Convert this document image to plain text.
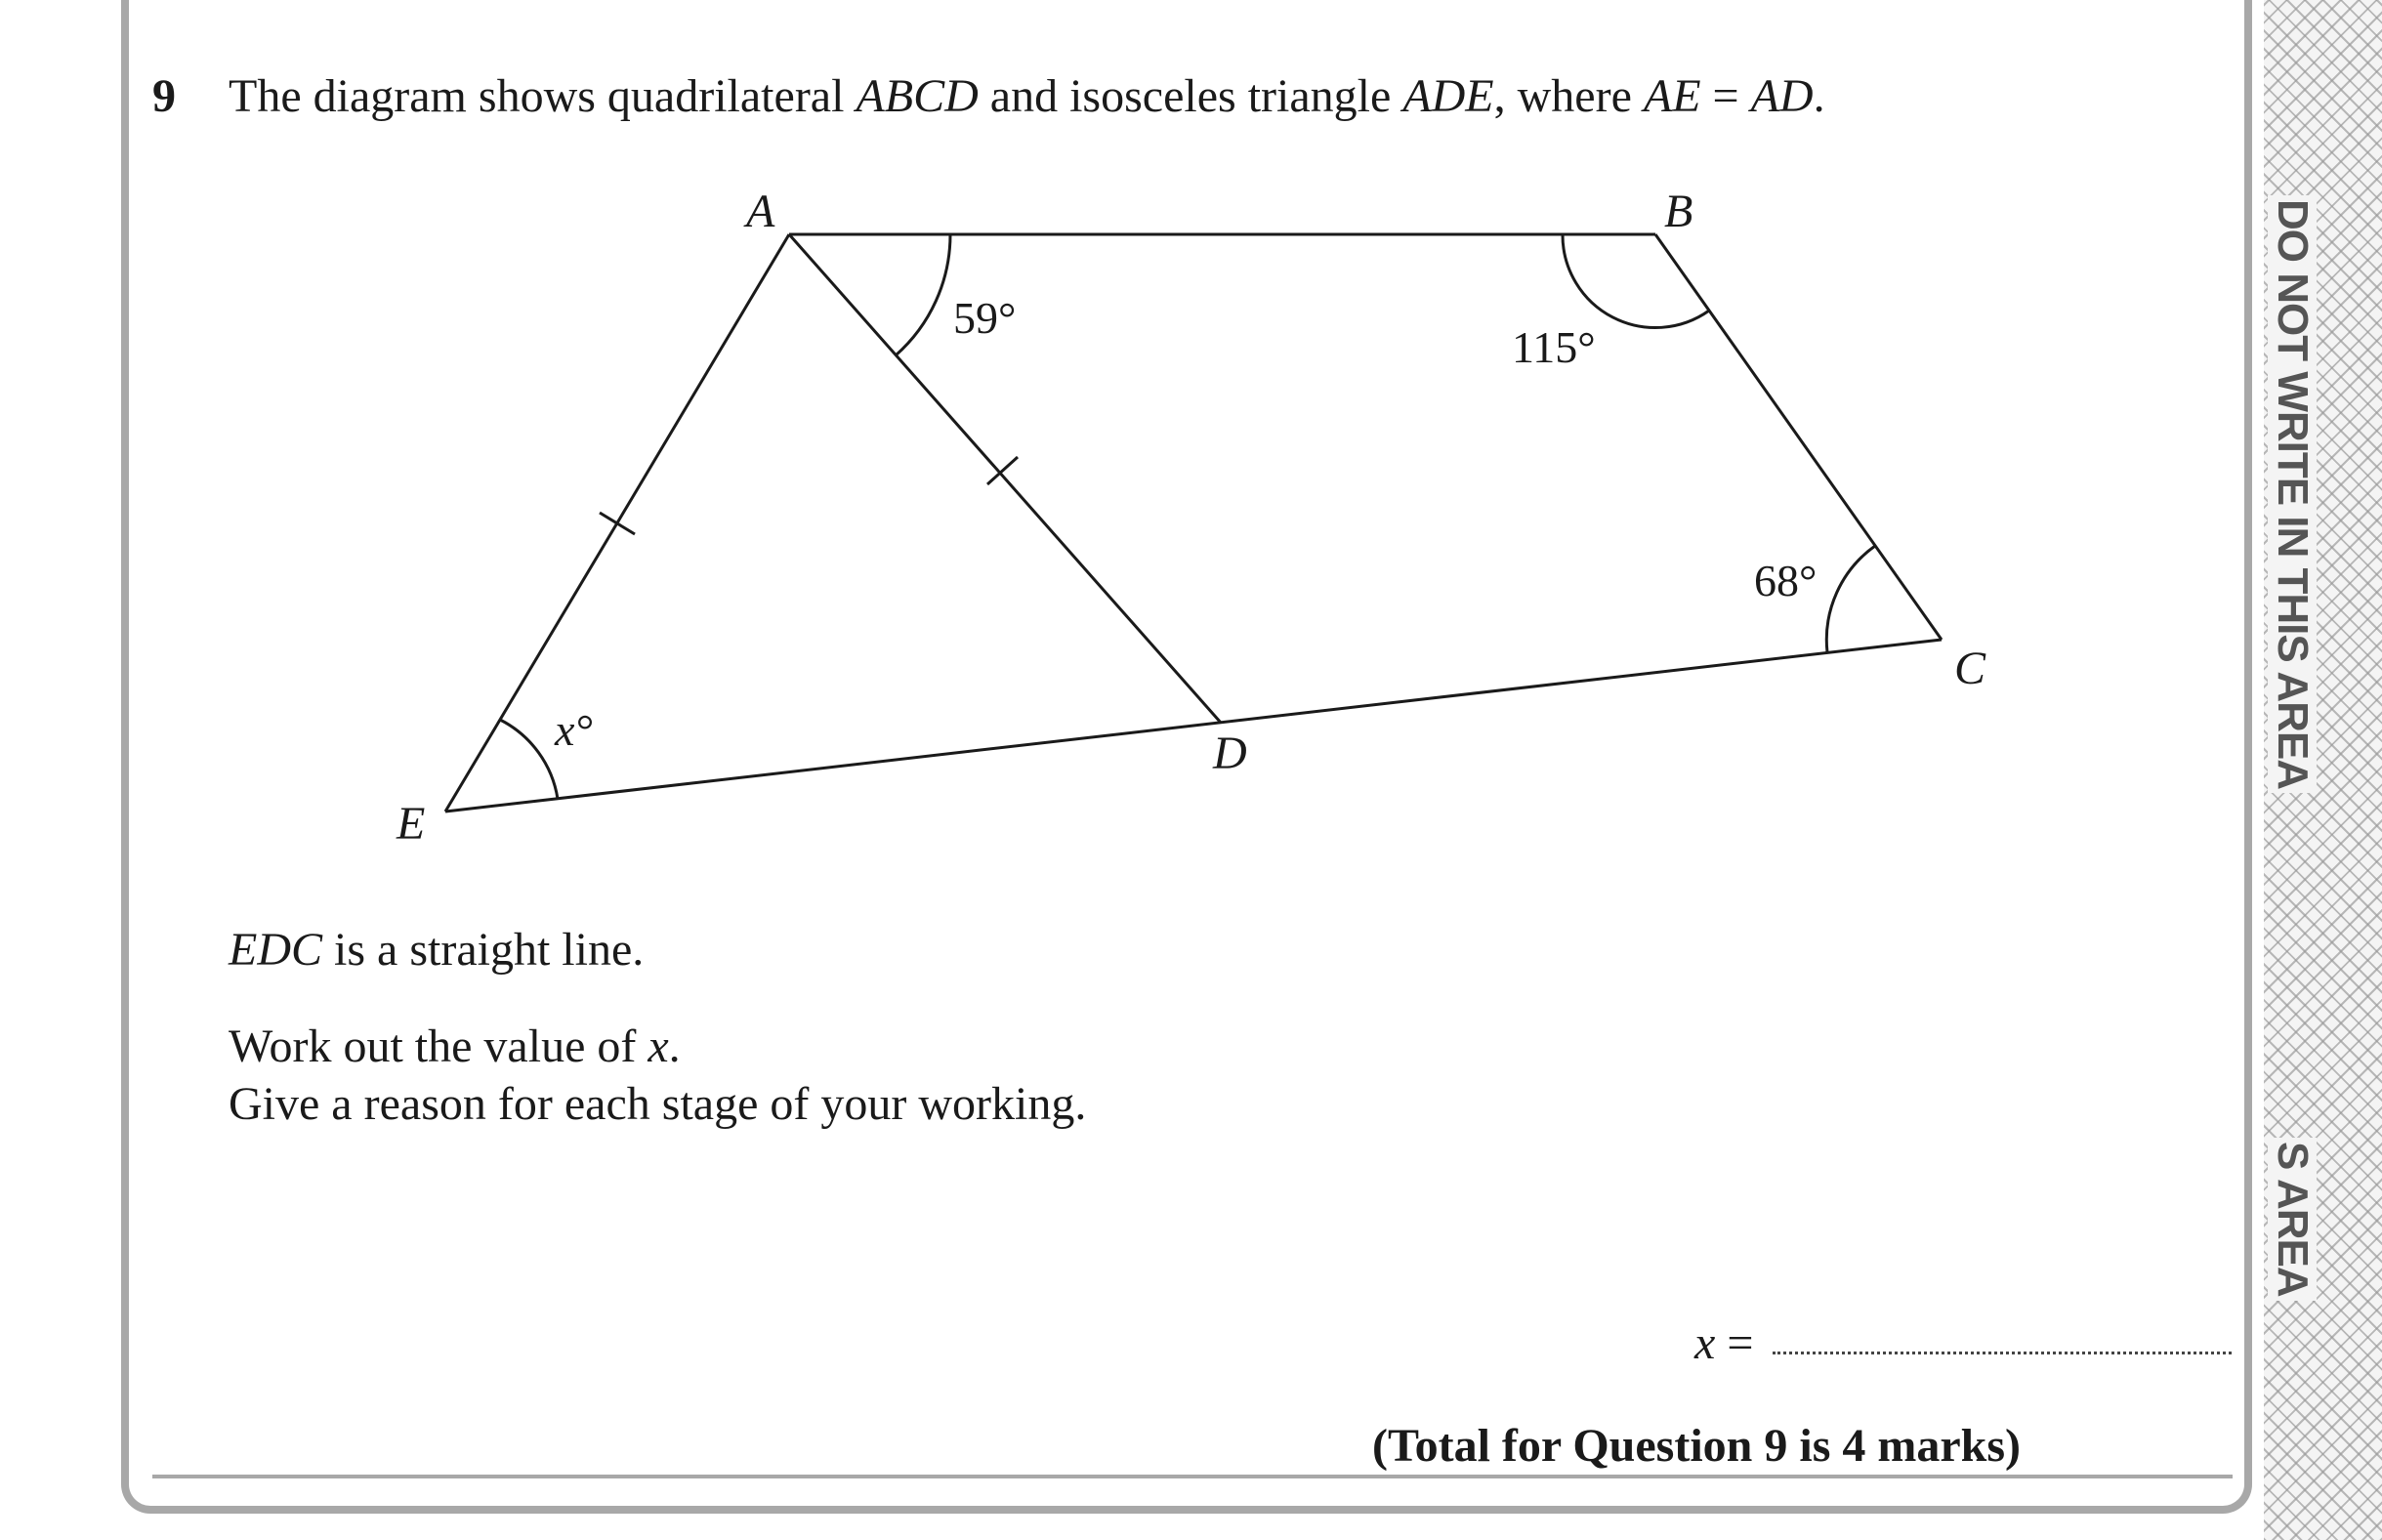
DO NOT WRITE IN THIS AREA
S AREA
9 The diagram shows quadrilateral ABCD and isosceles triangle ADE, where AE = AD.
A	B
C
D
E
59°
115°
68°
x°
EDC is a straight line.
Work out the value of x.
Give a reason for each stage of your working.
x =
(Total for Question 9 is 4 marks)
